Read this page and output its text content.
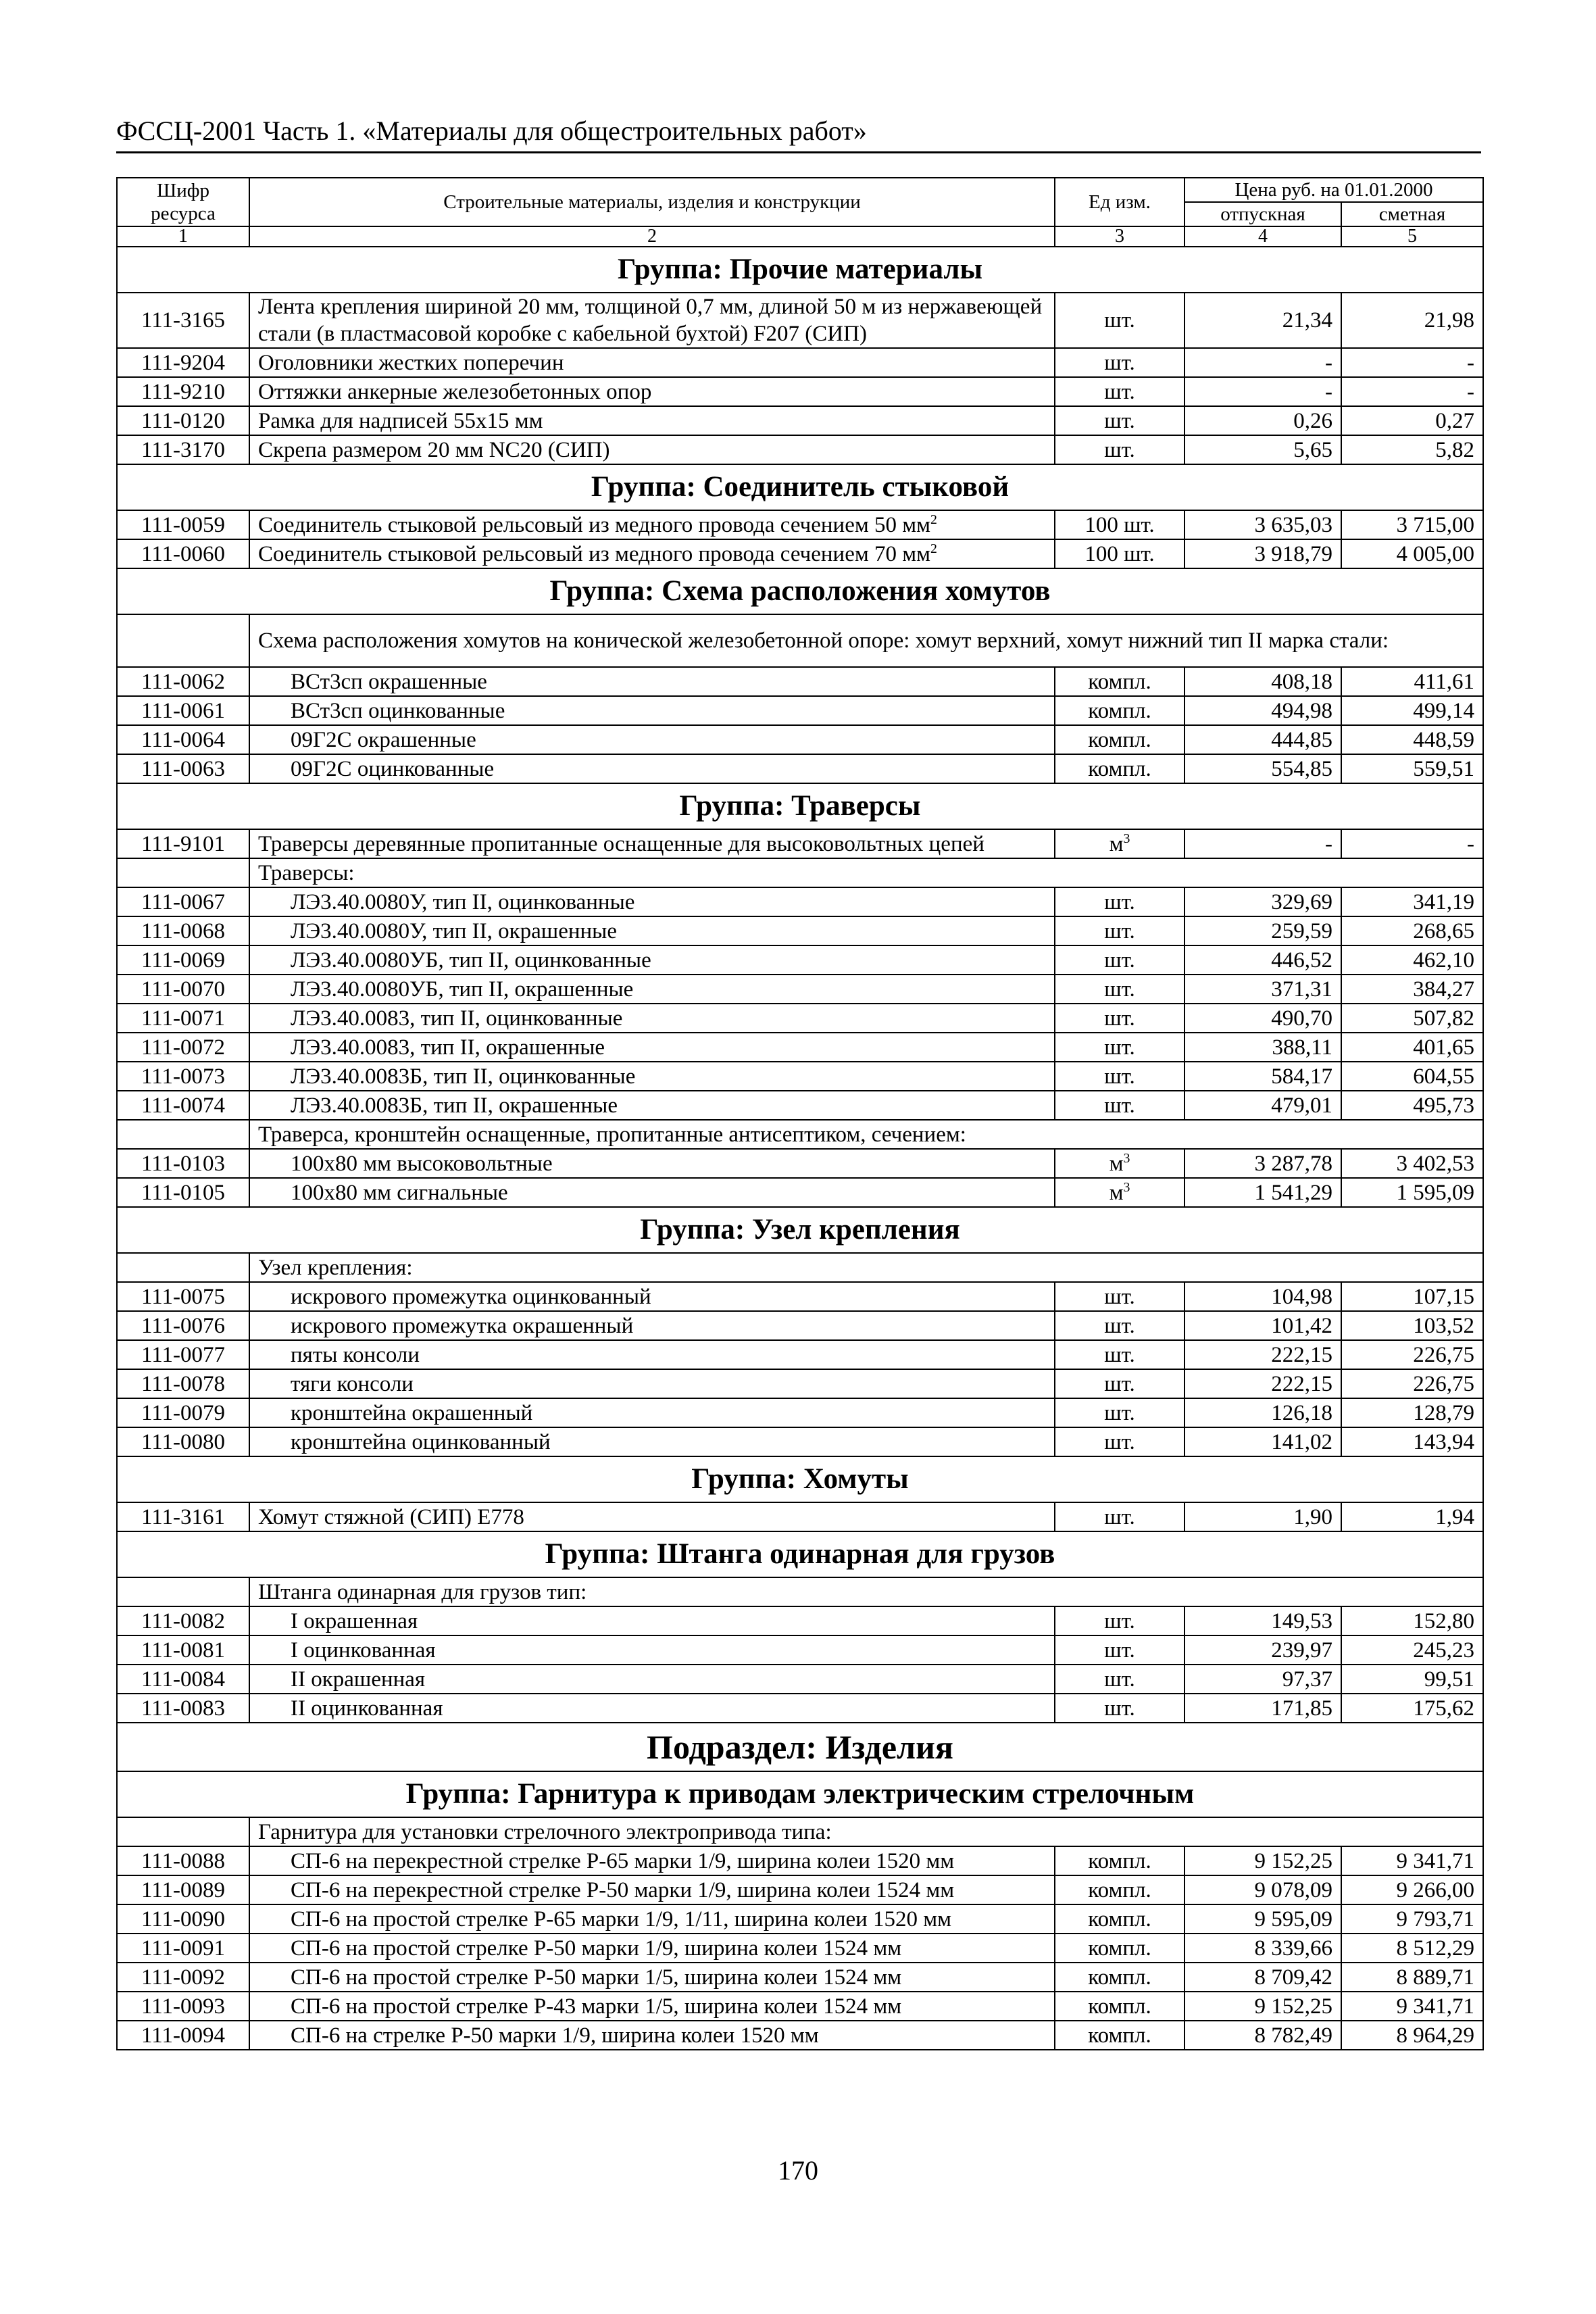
ФССЦ-2001 Часть 1. «Материалы для общестроительных работ»
Шифр ресурса	Строительные материалы, изделия и конструкции	Ед изм.	Цена руб. на 01.01.2000	
			отпускная	сметная
1	2	3	4	5
Группа: Прочие материалы				
111-3165	Лента крепления шириной 20 мм, толщиной 0,7 мм, длиной 50 м из нержавеющей стали (в пластмасовой коробке с кабельной бухтой) F207 (СИП)	шт.	21,34	21,98
111-9204	Оголовники жестких поперечин	шт.	-	-
111-9210	Оттяжки анкерные железобетонных опор	шт.	-	-
111-0120	Рамка для надписей 55x15 мм	шт.	0,26	0,27
111-3170	Скрепа размером 20 мм NC20 (СИП)	шт.	5,65	5,82
Группа: Соединитель стыковой				
111-0059	Соединитель стыковой рельсовый из медного провода сечением 50 $мм^2$	100 шт.	3 635,03	3 715,00
111-0060	Соединитель стыковой рельсовый из медного провода сечением 70 $мм^2$	100 шт.	3 918,79	4 005,00
Группа: Схема расположения хомутов				
	Схема расположения хомутов на конической железобетонной опоре: хомут верхний, хомут нижний тип II марка стали:			
111-0062	ВСт3сп окрашенные	компл.	408,18	411,61
111-0061	ВСт3сп оцинкованные	компл.	494,98	499,14
111-0064	09Г2С окрашенные	компл.	444,85	448,59
111-0063	09Г2С оцинкованные	компл.	554,85	559,51
Группа: Траверсы				
111-9101	Траверсы деревянные пропитанные оснащенные для высоковольтных цепей	$м^3$	-	-
	Траверсы:			
111-0067	ЛЭ3.40.0080У, тип II, оцинкованные	шт.	329,69	341,19
111-0068	ЛЭ3.40.0080У, тип II, окрашенные	шт.	259,59	268,65
111-0069	ЛЭ3.40.0080УБ, тип II, оцинкованные	шт.	446,52	462,10
111-0070	ЛЭ3.40.0080УБ, тип II, окрашенные	шт.	371,31	384,27
111-0071	ЛЭ3.40.0083, тип II, оцинкованные	шт.	490,70	507,82
111-0072	ЛЭ3.40.0083, тип II, окрашенные	шт.	388,11	401,65
111-0073	ЛЭ3.40.0083Б, тип II, оцинкованные	шт.	584,17	604,55
111-0074	ЛЭ3.40.0083Б, тип II, окрашенные	шт.	479,01	495,73
	Траверса, кронштейн оснащенные, пропитанные антисептиком, сечением:			
111-0103	100x80 мм высоковольтные	$м^3$	3 287,78	3 402,53
111-0105	100x80 мм сигнальные	$м^3$	1 541,29	1 595,09
Группа: Узел крепления				
	Узел крепления:			
111-0075	искрового промежутка оцинкованный	шт.	104,98	107,15
111-0076	искрового промежутка окрашенный	шт.	101,42	103,52
111-0077	пяты консоли	шт.	222,15	226,75
111-0078	тяги консоли	шт.	222,15	226,75
111-0079	кронштейна окрашенный	шт.	126,18	128,79
111-0080	кронштейна оцинкованный	шт.	141,02	143,94
Группа: Хомуты				
111-3161	Хомут стяжной (СИП) Е778	шт.	1,90	1,94
Группа: Штанга одинарная для грузов				
	Штанга одинарная для грузов тип:			
111-0082	I окрашенная	шт.	149,53	152,80
111-0081	I оцинкованная	шт.	239,97	245,23
111-0084	II окрашенная	шт.	97,37	99,51
111-0083	II оцинкованная	шт.	171,85	175,62
Подраздел: Изделия				
Группа: Гарнитура к приводам электрическим стрелочным				
	Гарнитура для установки стрелочного электропривода типа:			
111-0088	СП-6 на перекрестной стрелке Р-65 марки 1/9, ширина колеи 1520 мм	компл.	9 152,25	9 341,71
111-0089	СП-6 на перекрестной стрелке Р-50 марки 1/9, ширина колеи 1524 мм	компл.	9 078,09	9 266,00
111-0090	СП-6 на простой стрелке Р-65 марки 1/9, 1/11, ширина колеи 1520 мм	компл.	9 595,09	9 793,71
111-0091	СП-6 на простой стрелке Р-50 марки 1/9, ширина колеи 1524 мм	компл.	8 339,66	8 512,29
111-0092	СП-6 на простой стрелке Р-50 марки 1/5, ширина колеи 1524 мм	компл.	8 709,42	8 889,71
111-0093	СП-6 на простой стрелке Р-43 марки 1/5, ширина колеи 1524 мм	компл.	9 152,25	9 341,71
111-0094	СП-6 на стрелке Р-50 марки 1/9, ширина колеи 1520 мм	компл.	8 782,49	8 964,29
170
